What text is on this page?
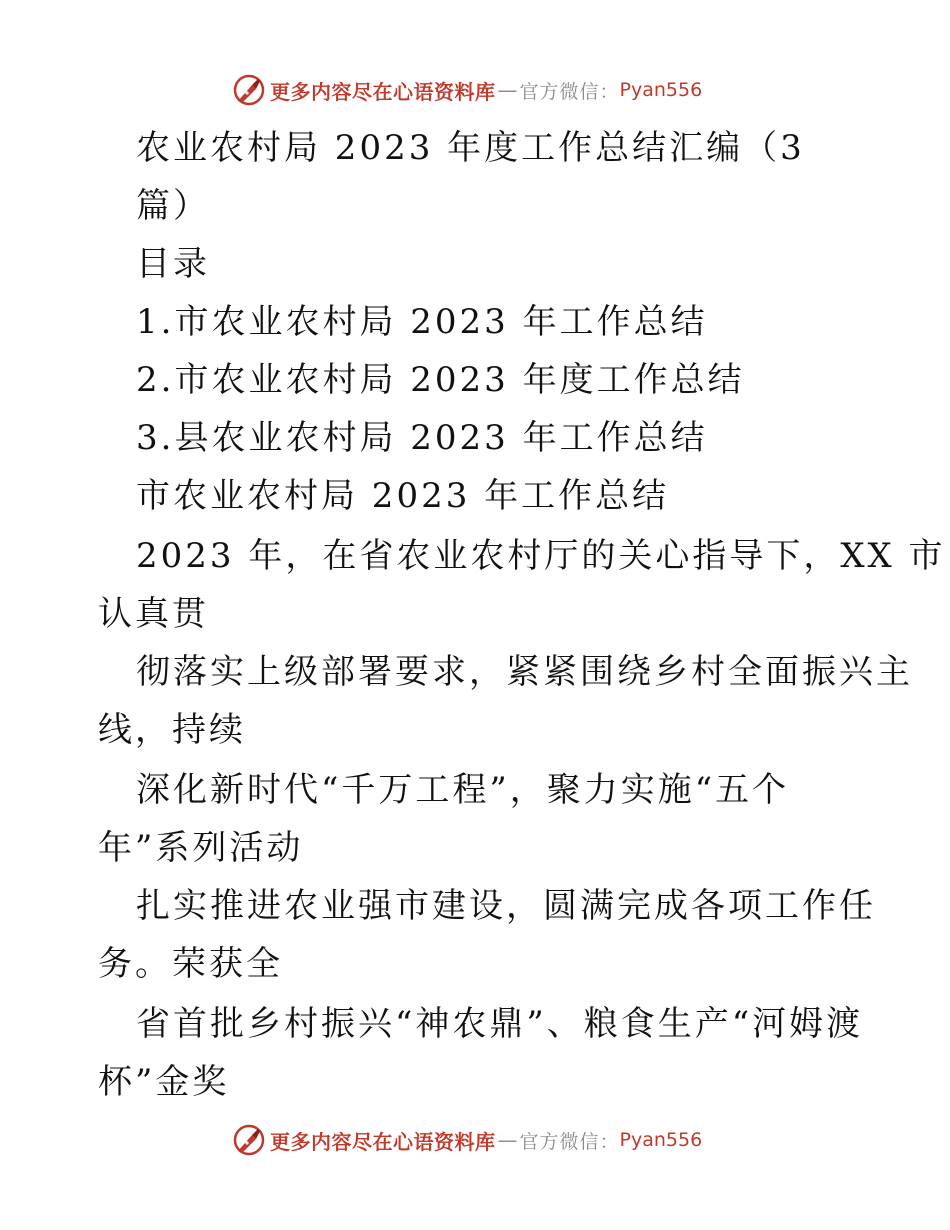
更多内容尽在心语资料库 — 官方微信： Pyan556
农业农村局 2023 年度工作总结汇编（3
篇）
目录
1.市农业农村局 2023 年工作总结
2.市农业农村局 2023 年度工作总结
3.县农业农村局 2023 年工作总结
市农业农村局 2023 年工作总结
2023 年，在省农业农村厅的关心指导下，XX 市
认真贯
彻落实上级部署要求，紧紧围绕乡村全面振兴主
线，持续
深化新时代“千万工程”，聚力实施“五个
年”系列活动
扎实推进农业强市建设，圆满完成各项工作任
务。荣获全
省首批乡村振兴“神农鼎”、粮食生产“河姆渡
杯”金奖
更多内容尽在心语资料库 — 官方微信： Pyan556
